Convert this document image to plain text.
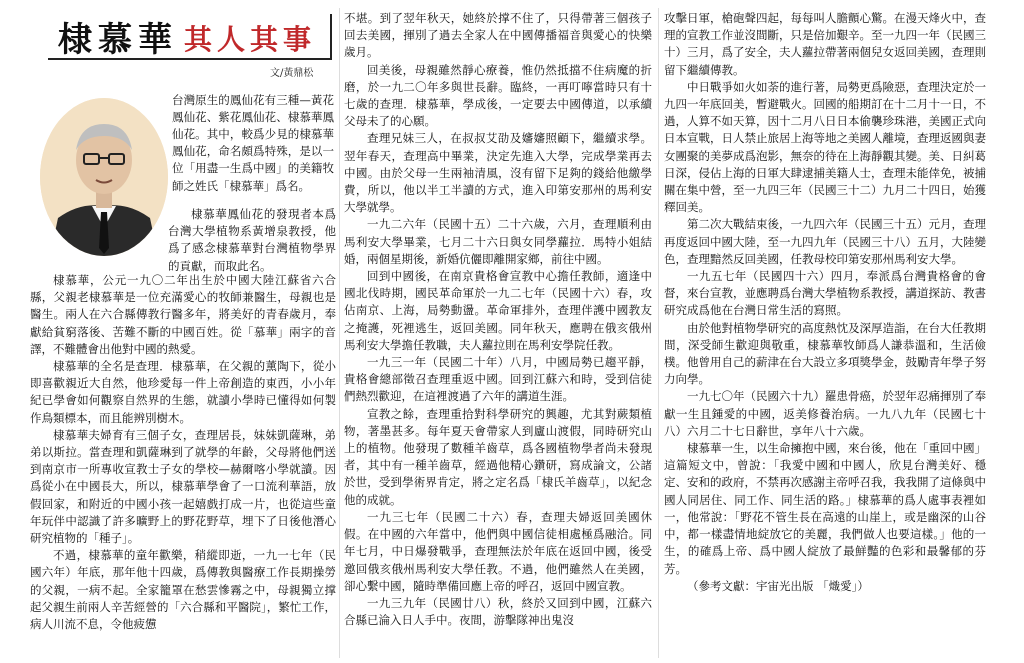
棣慕華 其人其事
文/黃鼎松

台灣原生的鳳仙花有三種—黃花鳳仙花、紫花鳳仙花、棣慕華鳳仙花。其中，較爲少見的棣慕華鳳仙花，命名頗爲特殊，是以一位「用盡一生爲中國」的美籍牧師之姓氏「棣慕華」爲名。

棣慕華鳳仙花的發現者本爲台灣大學植物系黃增泉教授，他爲了感念棣慕華對台灣植物學界的貢獻，而取此名。

棣慕華，公元一九〇二年出生於中國大陸江蘇省六合縣，父親老棣慕華是一位充滿愛心的牧師兼醫生，母親也是醫生。兩人在六合縣傳教行醫多年，將美好的青春歲月，奉獻給貧窮落後、苦難不斷的中國百姓。從「慕華」兩字的音譯，不難體會出他對中國的熱愛。

棣慕華的全名是查理．棣慕華，在父親的薰陶下，從小即喜歡親近大自然，他珍愛每一件上帝創造的東西，小小年紀已學會如何觀察自然界的生態，就讀小學時已懂得如何製作鳥類標本，而且能辨別樹木。

棣慕華夫婦育有三個子女，查理居長，妹妹凱薩琳，弟弟以斯拉。當查理和凱薩琳到了就學的年齡，父母將他們送到南京市一所專收宣教士子女的學校—赫爾喀小學就讀。因爲從小在中國長大，所以，棣慕華學會了一口流利華語，放假回家，和附近的中國小孩一起嬉戲打成一片，也從這些童年玩伴中認識了許多曠野上的野花野草，埋下了日後他潛心研究植物的「種子」。

不過，棣慕華的童年歡樂，稍縱即逝，一九一七年（民國六年）年底，那年他十四歲，爲傳教與醫療工作長期操勞的父親，一病不起。全家籠罩在愁雲慘霧之中，母親獨立撑起父親生前兩人辛苦經營的「六合縣和平醫院」，繁忙工作，病人川流不息，令他疲憊

不堪。到了翌年秋天，她終於撑不住了，只得帶著三個孩子回去美國，揮別了過去全家人在中國傳播福音與愛心的快樂歲月。

回美後，母親雖然靜心療養，惟仍然抵擋不住病魔的折磨，於一九二〇年多與世長辭。臨終，一再叮嚀當時只有十七歲的查理．棣慕華，學成後，一定要去中國傳道，以承續父母未了的心願。

查理兄妹三人，在叔叔艾劭及嬸嬸照顧下，繼續求學。翌年春天，查理高中畢業，決定先進入大學，完成學業再去中國。由於父母一生兩袖清風，沒有留下足夠的錢給他繳學費，所以，他以半工半讀的方式，進入印第安那州的馬利安大學就學。

一九二六年（民國十五）二十六歲，六月，查理順利由馬利安大學畢業，七月二十六日與女同學蘿拉．馬特小姐結婚，兩個星期後，新婚伉儷即離開家鄉，前往中國。

回到中國後，在南京貴格會宣教中心擔任教師，適逢中國北伐時期，國民革命軍於一九二七年（民國十六）春，攻佔南京、上海，局勢動盪。革命軍排外，查理伴護中國教友之掩護，死裡逃生，返回美國。同年秋天，應聘在俄亥俄州馬利安大學擔任教職，夫人蘿拉則在馬利安學院任教。

一九三一年（民國二十年）八月，中國局勢已趨平靜，貴格會總部徵召查理重返中國。回到江蘇六和時，受到信徒們熱烈歡迎，在這裡渡過了六年的講道生涯。

宣教之餘，查理重拾對科學研究的興趣，尤其對蕨類植物，著墨甚多。每年夏天會帶家人到廬山渡假，同時研究山上的植物。他發現了數種羊齒草，爲各國植物學者尚未發現者，其中有一種羊齒草，經過他精心鑽研，寫成論文，公諸於世，受到學術界肯定，將之定名爲「棣氏羊齒草」，以紀念他的成就。

一九三七年（民國二十六）春，查理夫婦返回美國休假。在中國的六年當中，他們與中國信徒相處極爲融洽。同年七月，中日爆發戰爭，查理無法於年底在返回中國，後受邀回俄亥俄州馬利安大學任教。不過，他們雖然人在美國，卻心繫中國，隨時準備回應上帝的呼召，返回中國宣教。

一九三九年（民國廿八）秋，終於又回到中國，江蘇六合縣已淪入日人手中。夜間，游擊隊神出鬼沒

攻擊日軍，槍砲聲四起，每每叫人膽顫心驚。在漫天烽火中，查理的宣教工作並沒間斷，只是倍加艱辛。至一九四一年（民國三十）三月，爲了安全，夫人蘿拉帶著兩個兒女返回美國，查理則留下繼續傳教。

中日戰爭如火如荼的進行著，局勢更爲險惡，查理決定於一九四一年底回美，暫避戰火。回國的船期訂在十二月十一日，不過，人算不如天算，因十二月八日日本偷襲珍珠港，美國正式向日本宣戰，日人禁止旅居上海等地之美國人離境，查理返國與妻女團聚的美夢成爲泡影，無奈的待在上海靜觀其變。美、日糾葛日深，侵佔上海的日軍大肆逮捕美籍人士，查理未能倖免，被捕關在集中營，至一九四三年（民國三十二）九月二十四日，始獲釋回美。

第二次大戰結束後，一九四六年（民國三十五）元月，查理再度返回中國大陸，至一九四九年（民國三十八）五月，大陸變色，查理黯然反回美國，任教母校印第安那州馬利安大學。

一九五七年（民國四十六）四月，奉派爲台灣貴格會的會督，來台宣教，並應聘爲台灣大學植物系教授，講道探訪、教書研究成爲他在台灣日常生活的寫照。

由於他對植物學研究的高度熱忱及深厚造詣，在台大任教期間，深受師生歡迎與敬重，棣慕華牧師爲人謙恭溫和，生活儉樸。他曾用自己的薪津在台大設立多項獎學金，鼓勵青年學子努力向學。

一九七〇年（民國六十九）羅患骨癌，於翌年忍痛揮別了奉獻一生且鍾愛的中國，返美修養治病。一九八九年（民國七十八）六月二十七日辭世，享年八十六歲。

棣慕華一生，以生命擁抱中國，來台後，他在「重回中國」這篇短文中，曾說：「我愛中國和中國人，欣見台灣美好、穩定、安和的政府，不禁再次感謝主帝呼召我，我我開了這條與中國人同居住、同工作、同生活的路。」棣慕華的爲人處事表裡如一，他常說：「野花不管生長在高遠的山崖上，或是幽深的山谷中，都一樣盡情地綻放它的美麗，我們做人也要這樣。」他的一生，的確爲上帝、爲中國人綻放了最鮮豔的色彩和最馨郁的芬芳。

（參考文獻：宇宙光出版 「熾愛」）
